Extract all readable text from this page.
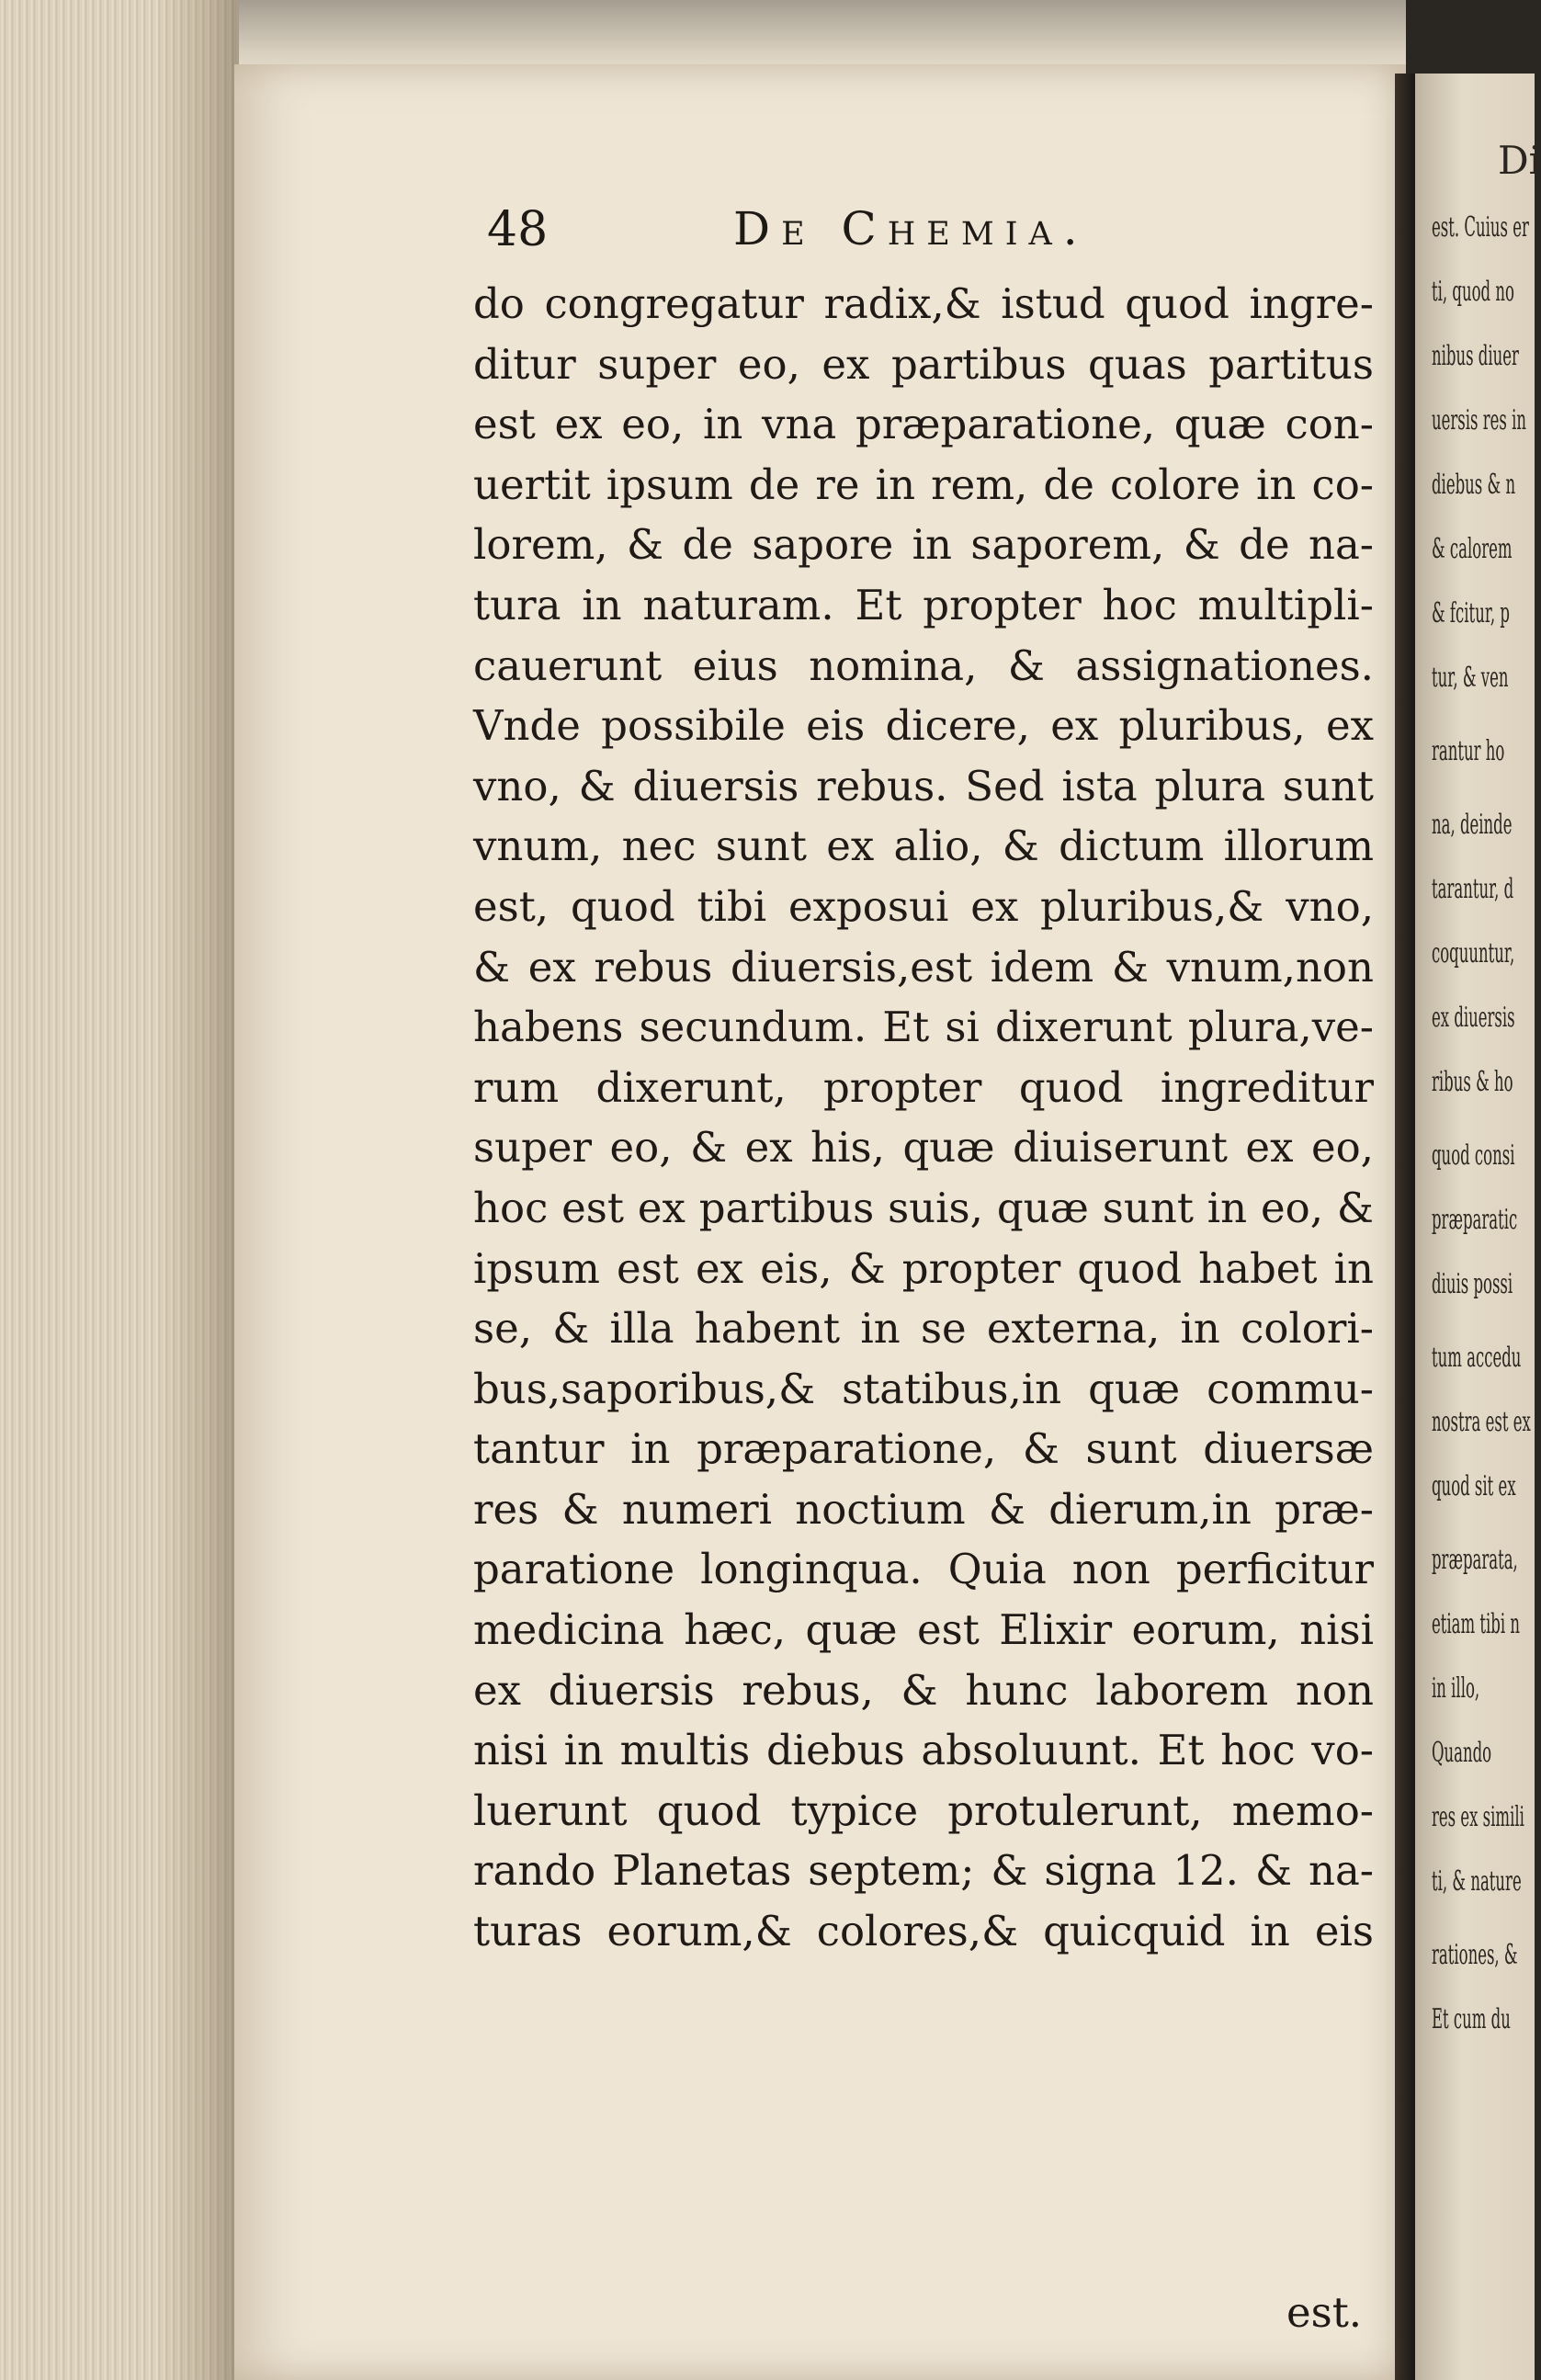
48	De Chemia.
do congregatur radix,& istud quod ingre-
ditur super eo, ex partibus quas partitus
est ex eo, in vna præparatione, quæ con-
uertit ipsum de re in rem, de colore in co-
lorem, & de sapore in saporem, & de na-
tura in naturam. Et propter hoc multipli-
cauerunt eius nomina, & assignationes.
Vnde possibile eis dicere, ex pluribus, ex
vno, & diuersis rebus. Sed ista plura sunt
vnum, nec sunt ex alio, & dictum illorum
est, quod tibi exposui ex pluribus,& vno,
& ex rebus diuersis,est idem & vnum,non
habens secundum. Et si dixerunt plura,ve-
rum dixerunt, propter quod ingreditur
super eo, & ex his, quæ diuiserunt ex eo,
hoc est ex partibus suis, quæ sunt in eo, &
ipsum est ex eis, & propter quod habet in
se, & illa habent in se externa, in colori-
bus,saporibus,& statibus,in quæ commu-
tantur in præparatione, & sunt diuersæ
res & numeri noctium & dierum,in præ-
paratione longinqua. Quia non perficitur
medicina hæc, quæ est Elixir eorum, nisi
ex diuersis rebus, & hunc laborem non
nisi in multis diebus absoluunt. Et hoc vo-
luerunt quod typice protulerunt, memo-
rando Planetas septem; & signa 12. & na-
turas eorum,& colores,& quicquid in eis
est.
Di
est. Cuius er
ti, quod no
nibus diuer
uersis res in
diebus & n
& calorem
& fcitur, p
tur, & ven
rantur ho
na, deinde
tarantur, d
coquuntur,
ex diuersis
ribus & ho
quod consi
præparatic
diuis possi
tum accedu
nostra est ex
quod sit ex
præparata,
etiam tibi n
in illo,
Quando
res ex simili
ti, & nature
rationes, &
Et cum du
